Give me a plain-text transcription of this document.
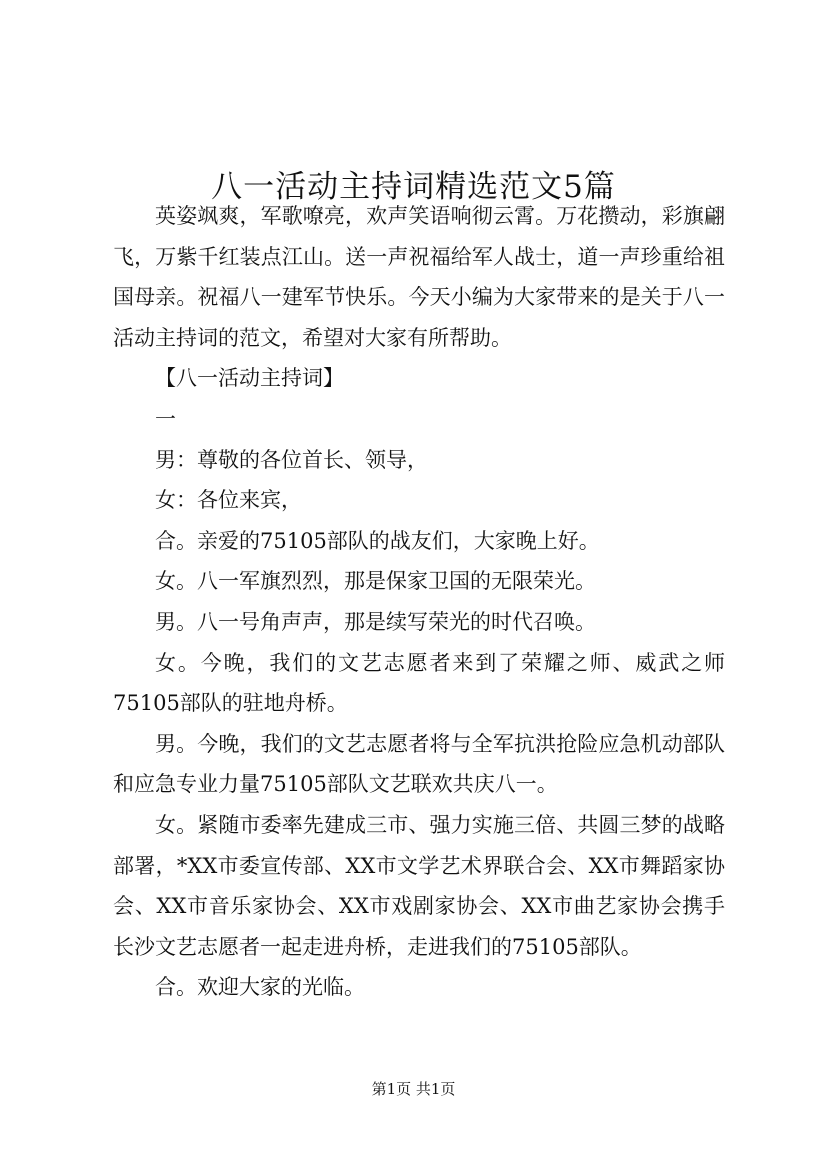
八一活动主持词精选范文5篇

英姿飒爽，军歌嘹亮，欢声笑语响彻云霄。万花攒动，彩旗翩飞，万紫千红装点江山。送一声祝福给军人战士，道一声珍重给祖国母亲。祝福八一建军节快乐。今天小编为大家带来的是关于八一活动主持词的范文，希望对大家有所帮助。

【八一活动主持词】

一

男：尊敬的各位首长、领导，

女：各位来宾，

合。亲爱的75105部队的战友们，大家晚上好。

女。八一军旗烈烈，那是保家卫国的无限荣光。

男。八一号角声声，那是续写荣光的时代召唤。

女。今晚，我们的文艺志愿者来到了荣耀之师、威武之师75105部队的驻地舟桥。

男。今晚，我们的文艺志愿者将与全军抗洪抢险应急机动部队和应急专业力量75105部队文艺联欢共庆八一。

女。紧随市委率先建成三市、强力实施三倍、共圆三梦的战略部署，*XX市委宣传部、XX市文学艺术界联合会、XX市舞蹈家协会、XX市音乐家协会、XX市戏剧家协会、XX市曲艺家协会携手长沙文艺志愿者一起走进舟桥，走进我们的75105部队。

合。欢迎大家的光临。

第1页 共1页
